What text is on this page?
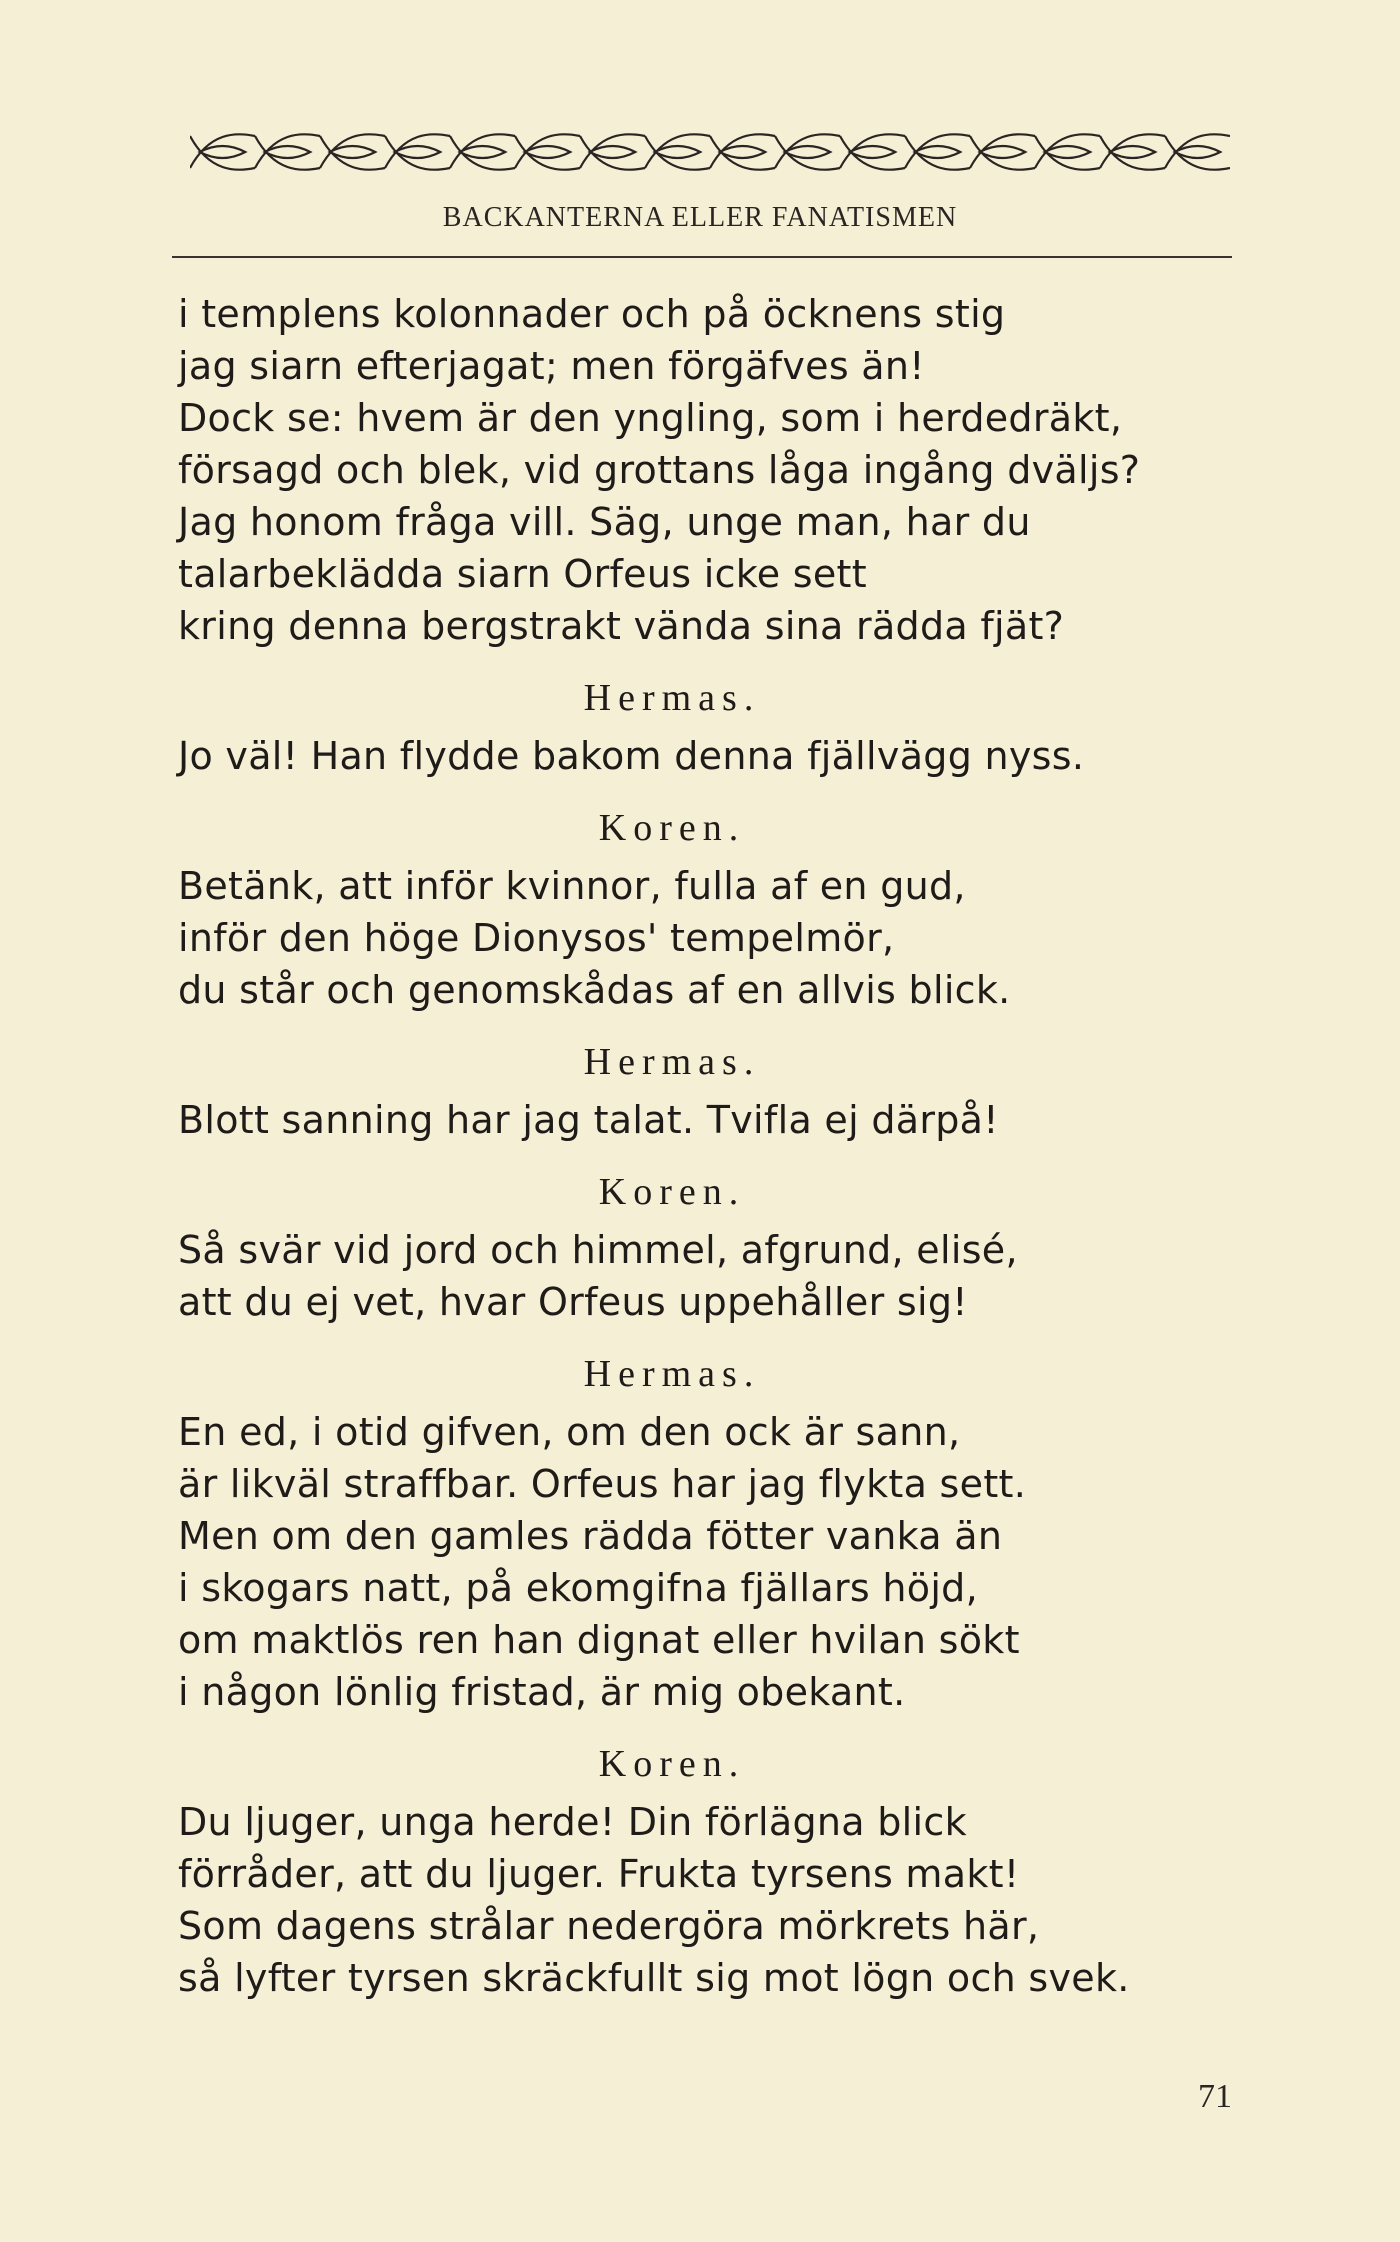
BACKANTERNA ELLER FANATISMEN
i templens kolonnader och på öcknens stig
jag siarn efterjagat; men förgäfves än!
Dock se: hvem är den yngling, som i herdedräkt,
försagd och blek, vid grottans låga ingång dväljs?
Jag honom fråga vill. Säg, unge man, har du
talarbeklädda siarn Orfeus icke sett
kring denna bergstrakt vända sina rädda fjät?
Hermas.
Jo väl! Han flydde bakom denna fjällvägg nyss.
Koren.
Betänk, att inför kvinnor, fulla af en gud,
inför den höge Dionysos' tempelmör,
du står och genomskådas af en allvis blick.
Hermas.
Blott sanning har jag talat. Tvifla ej därpå!
Koren.
Så svär vid jord och himmel, afgrund, elisé,
att du ej vet, hvar Orfeus uppehåller sig!
Hermas.
En ed, i otid gifven, om den ock är sann,
är likväl straffbar. Orfeus har jag flykta sett.
Men om den gamles rädda fötter vanka än
i skogars natt, på ekomgifna fjällars höjd,
om maktlös ren han dignat eller hvilan sökt
i någon lönlig fristad, är mig obekant.
Koren.
Du ljuger, unga herde! Din förlägna blick
förråder, att du ljuger. Frukta tyrsens makt!
Som dagens strålar nedergöra mörkrets här,
så lyfter tyrsen skräckfullt sig mot lögn och svek.
71
